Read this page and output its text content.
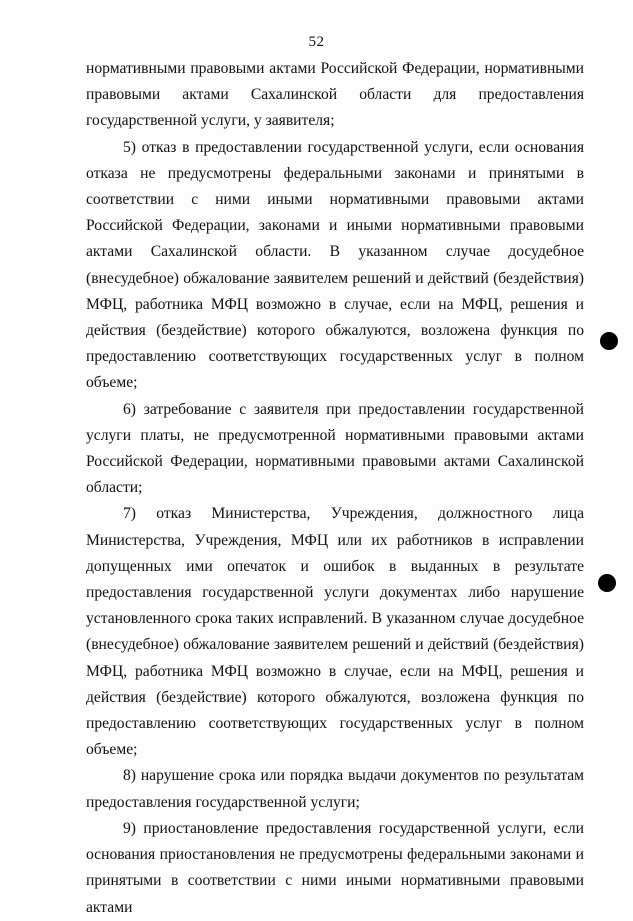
52

нормативными правовыми актами Российской Федерации, нормативными правовыми актами Сахалинской области для предоставления государственной услуги, у заявителя;

5) отказ в предоставлении государственной услуги, если основания отказа не предусмотрены федеральными законами и принятыми в соответствии с ними иными нормативными правовыми актами Российской Федерации, законами и иными нормативными правовыми актами Сахалинской области. В указанном случае досудебное (внесудебное) обжалование заявителем решений и действий (бездействия) МФЦ, работника МФЦ возможно в случае, если на МФЦ, решения и действия (бездействие) которого обжалуются, возложена функция по предоставлению соответствующих государственных услуг в полном объеме;

6) затребование с заявителя при предоставлении государственной услуги платы, не предусмотренной нормативными правовыми актами Российской Федерации, нормативными правовыми актами Сахалинской области;

7) отказ Министерства, Учреждения, должностного лица Министерства, Учреждения, МФЦ или их работников в исправлении допущенных ими опечаток и ошибок в выданных в результате предоставления государственной услуги документах либо нарушение установленного срока таких исправлений. В указанном случае досудебное (внесудебное) обжалование заявителем решений и действий (бездействия) МФЦ, работника МФЦ возможно в случае, если на МФЦ, решения и действия (бездействие) которого обжалуются, возложена функция по предоставлению соответствующих государственных услуг в полном объеме;

8) нарушение срока или порядка выдачи документов по результатам предоставления государственной услуги;

9) приостановление предоставления государственной услуги, если основания приостановления не предусмотрены федеральными законами и принятыми в соответствии с ними иными нормативными правовыми актами
